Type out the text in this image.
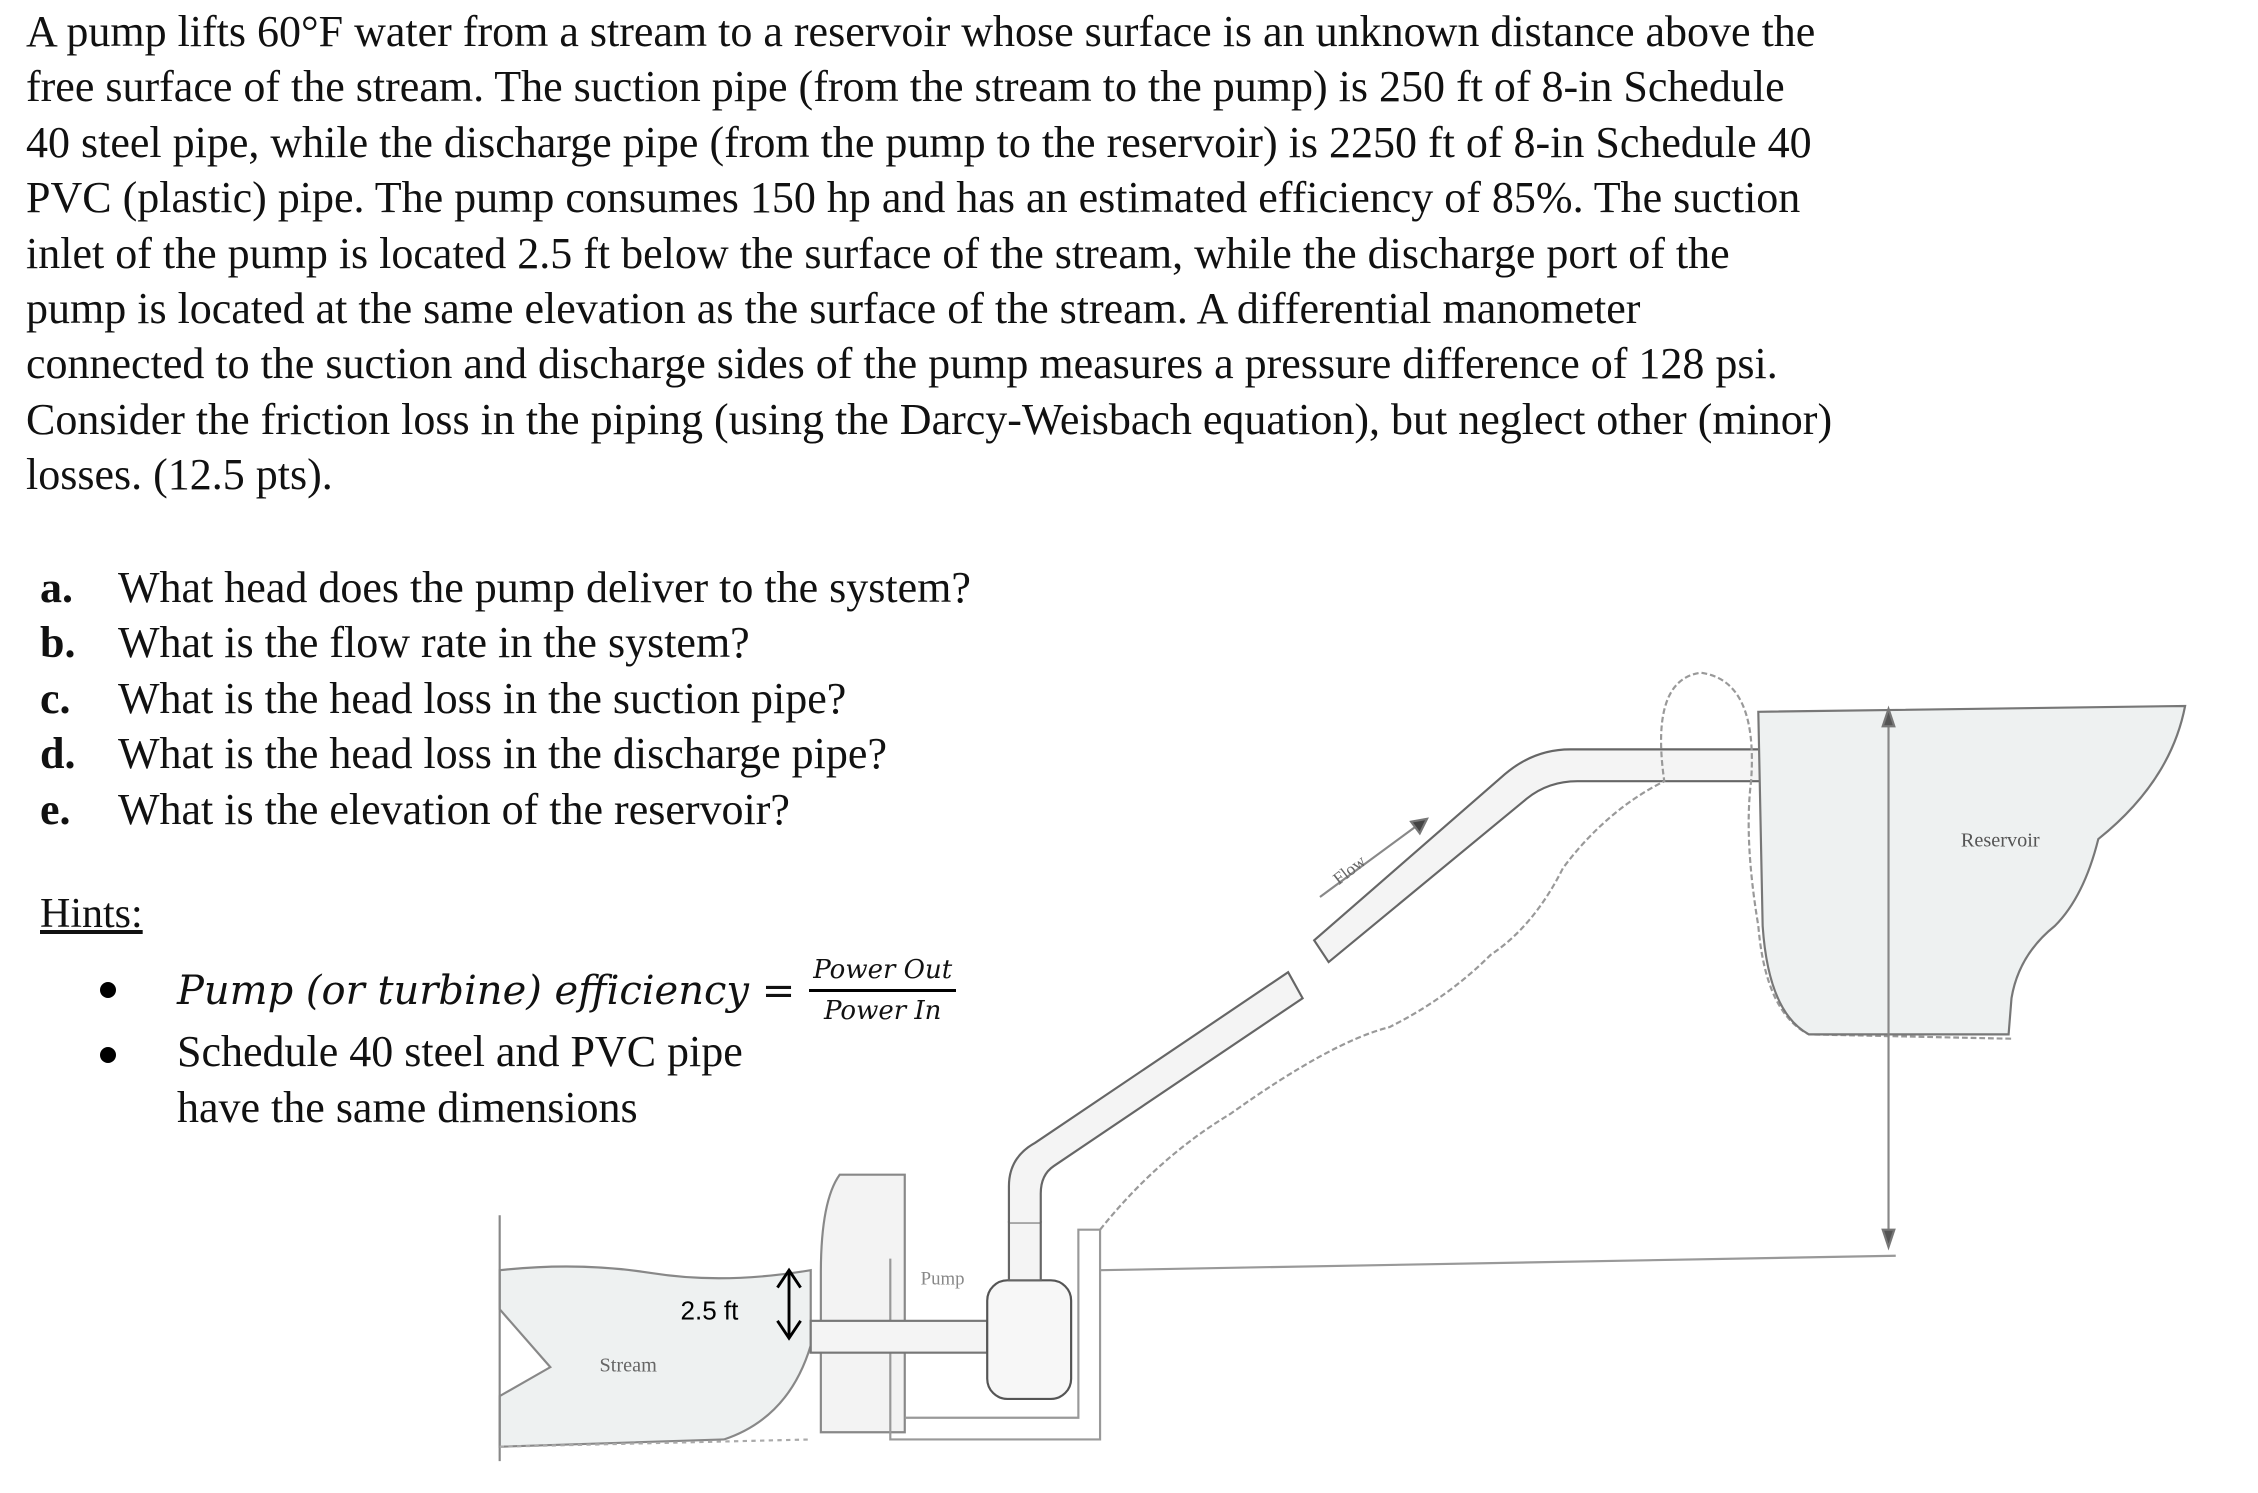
A pump lifts 60°F water from a stream to a reservoir whose surface is an unknown distance above the
free surface of the stream. The suction pipe (from the stream to the pump) is 250 ft of 8-in Schedule
40 steel pipe, while the discharge pipe (from the pump to the reservoir) is 2250 ft of 8-in Schedule 40
PVC (plastic) pipe. The pump consumes 150 hp and has an estimated efficiency of 85%. The suction
inlet of the pump is located 2.5 ft below the surface of the stream, while the discharge port of the
pump is located at the same elevation as the surface of the stream. A differential manometer
connected to the suction and discharge sides of the pump measures a pressure difference of 128 psi.
Consider the friction loss in the piping (using the Darcy-Weisbach equation), but neglect other (minor)
losses. (12.5 pts).
a. What head does the pump deliver to the system?
b. What is the flow rate in the system?
c. What is the head loss in the suction pipe?
d. What is the head loss in the discharge pipe?
e. What is the elevation of the reservoir?
Hints:
Pump (or turbine) efficiency = $\frac{\text{Power Out}}{\text{Power In}}$
Schedule 40 steel and PVC pipe
have the same dimensions
Flow
Reservoir
Pump
Stream
2.5 ft
